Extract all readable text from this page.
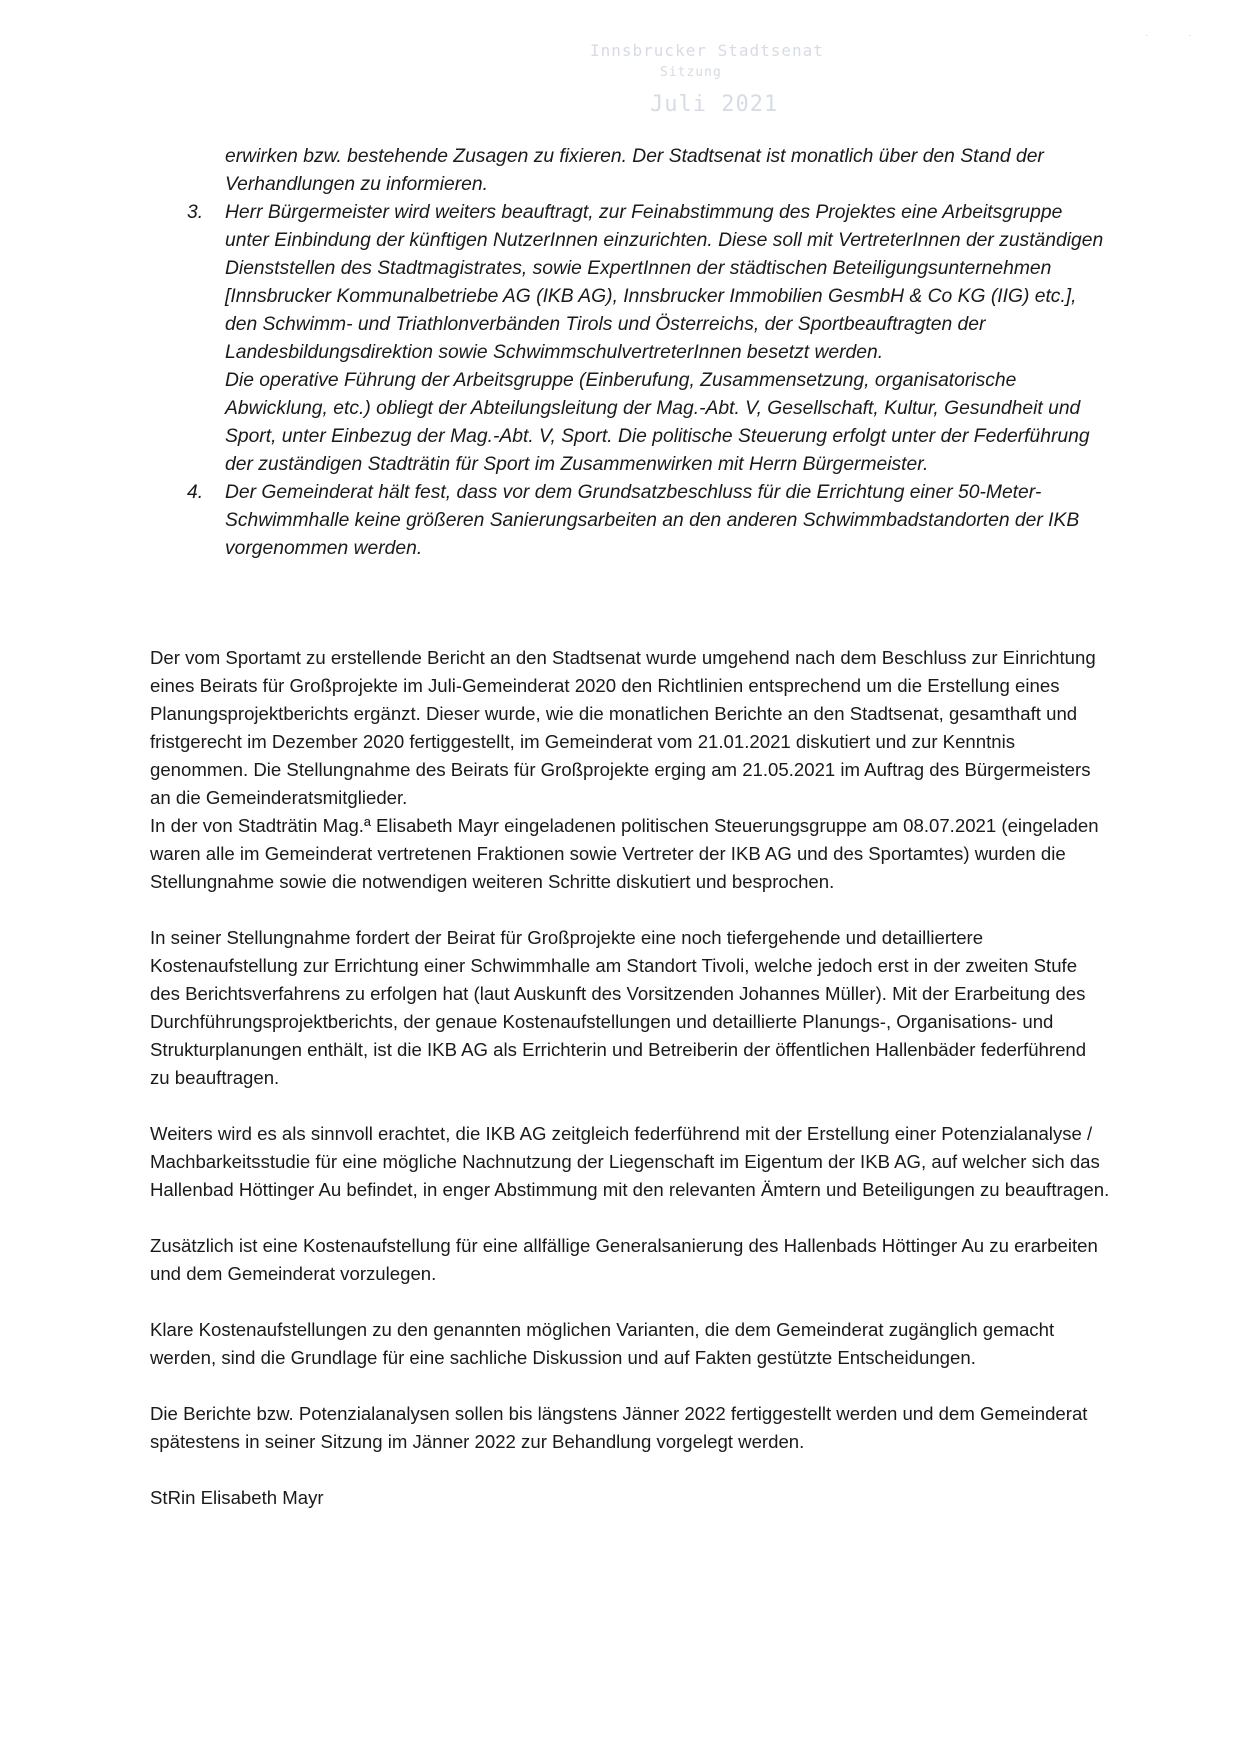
Innsbrucker Stadtsenat
Sitzung
Juli 2021
··
erwirken bzw. bestehende Zusagen zu fixieren. Der Stadtsenat ist monatlich über den Stand der Verhandlungen zu informieren.
3. Herr Bürgermeister wird weiters beauftragt, zur Feinabstimmung des Projektes eine Arbeitsgruppe unter Einbindung der künftigen NutzerInnen einzurichten. Diese soll mit VertreterInnen der zuständigen Dienststellen des Stadtmagistrates, sowie ExpertInnen der städtischen Beteiligungsunternehmen [Innsbrucker Kommunalbetriebe AG (IKB AG), Innsbrucker Immobilien GesmbH & Co KG (IIG) etc.], den Schwimm- und Triathlonverbänden Tirols und Österreichs, der Sportbeauftragten der Landesbildungsdirektion sowie SchwimmschulvertreterInnen besetzt werden.
Die operative Führung der Arbeitsgruppe (Einberufung, Zusammensetzung, organisatorische Abwicklung, etc.) obliegt der Abteilungsleitung der Mag.-Abt. V, Gesellschaft, Kultur, Gesundheit und Sport, unter Einbezug der Mag.-Abt. V, Sport. Die politische Steuerung erfolgt unter der Federführung der zuständigen Stadträtin für Sport im Zusammenwirken mit Herrn Bürgermeister.
4. Der Gemeinderat hält fest, dass vor dem Grundsatzbeschluss für die Errichtung einer 50-Meter-Schwimmhalle keine größeren Sanierungsarbeiten an den anderen Schwimmbadstandorten der IKB vorgenommen werden.

Der vom Sportamt zu erstellende Bericht an den Stadtsenat wurde umgehend nach dem Beschluss zur Einrichtung eines Beirats für Großprojekte im Juli-Gemeinderat 2020 den Richtlinien entsprechend um die Erstellung eines Planungsprojektberichts ergänzt. Dieser wurde, wie die monatlichen Berichte an den Stadtsenat, gesamthaft und fristgerecht im Dezember 2020 fertiggestellt, im Gemeinderat vom 21.01.2021 diskutiert und zur Kenntnis genommen. Die Stellungnahme des Beirats für Großprojekte erging am 21.05.2021 im Auftrag des Bürgermeisters an die Gemeinderatsmitglieder.

In der von Stadträtin Mag.ª Elisabeth Mayr eingeladenen politischen Steuerungsgruppe am 08.07.2021 (eingeladen waren alle im Gemeinderat vertretenen Fraktionen sowie Vertreter der IKB AG und des Sportamtes) wurden die Stellungnahme sowie die notwendigen weiteren Schritte diskutiert und besprochen.

In seiner Stellungnahme fordert der Beirat für Großprojekte eine noch tiefergehende und detailliertere Kostenaufstellung zur Errichtung einer Schwimmhalle am Standort Tivoli, welche jedoch erst in der zweiten Stufe des Berichtsverfahrens zu erfolgen hat (laut Auskunft des Vorsitzenden Johannes Müller). Mit der Erarbeitung des Durchführungsprojektberichts, der genaue Kostenaufstellungen und detaillierte Planungs-, Organisations- und Strukturplanungen enthält, ist die IKB AG als Errichterin und Betreiberin der öffentlichen Hallenbäder federführend zu beauftragen.

Weiters wird es als sinnvoll erachtet, die IKB AG zeitgleich federführend mit der Erstellung einer Potenzialanalyse / Machbarkeitsstudie für eine mögliche Nachnutzung der Liegenschaft im Eigentum der IKB AG, auf welcher sich das Hallenbad Höttinger Au befindet, in enger Abstimmung mit den relevanten Ämtern und Beteiligungen zu beauftragen.

Zusätzlich ist eine Kostenaufstellung für eine allfällige Generalsanierung des Hallenbads Höttinger Au zu erarbeiten und dem Gemeinderat vorzulegen.

Klare Kostenaufstellungen zu den genannten möglichen Varianten, die dem Gemeinderat zugänglich gemacht werden, sind die Grundlage für eine sachliche Diskussion und auf Fakten gestützte Entscheidungen.

Die Berichte bzw. Potenzialanalysen sollen bis längstens Jänner 2022 fertiggestellt werden und dem Gemeinderat spätestens in seiner Sitzung im Jänner 2022 zur Behandlung vorgelegt werden.

StRin Elisabeth Mayr
